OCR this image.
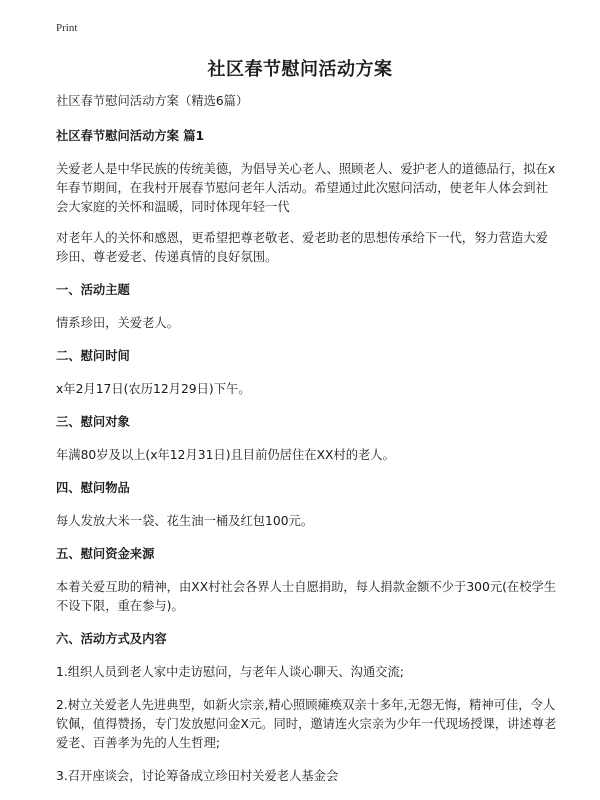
Print
社区春节慰问活动方案
社区春节慰问活动方案（精选6篇）
社区春节慰问活动方案 篇1
关爱老人是中华民族的传统美德，为倡导关心老人、照顾老人、爱护老人的道德品行，拟在x年春节期间，在我村开展春节慰问老年人活动。希望通过此次慰问活动，使老年人体会到社会大家庭的关怀和温暖，同时体现年轻一代
对老年人的关怀和感恩，更希望把尊老敬老、爱老助老的思想传承给下一代，努力营造大爱珍田、尊老爱老、传递真情的良好氛围。
一、活动主题
情系珍田，关爱老人。
二、慰问时间
x年2月17日(农历12月29日)下午。
三、慰问对象
年满80岁及以上(x年12月31日)且目前仍居住在XX村的老人。
四、慰问物品
每人发放大米一袋、花生油一桶及红包100元。
五、慰问资金来源
本着关爱互助的精神，由XX村社会各界人士自愿捐助，每人捐款金额不少于300元(在校学生不设下限，重在参与)。
六、活动方式及内容
1.组织人员到老人家中走访慰问，与老年人谈心聊天、沟通交流;
2.树立关爱老人先进典型，如新火宗亲,精心照顾瘫痪双亲十多年,无怨无悔，精神可佳，令人钦佩，值得赞扬，专门发放慰问金X元。同时，邀请连火宗亲为少年一代现场授课，讲述尊老爱老、百善孝为先的人生哲理;
3.召开座谈会，讨论筹备成立珍田村关爱老人基金会
